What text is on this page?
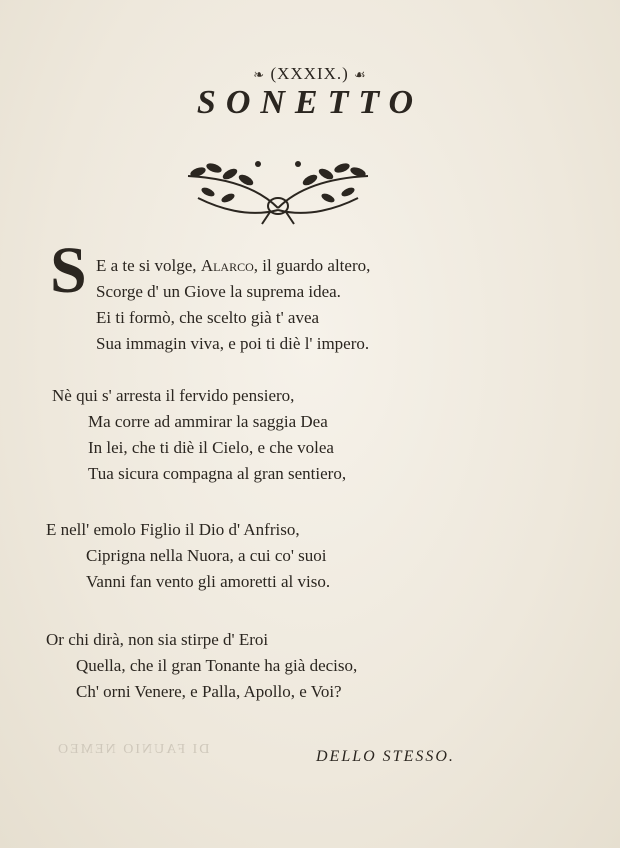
❧ (XXXIX.) ☙
SONETTO
S E a te si volge, Alarco, il guardo altero,
Scorge d' un Giove la suprema idea.
Ei ti formò, che scelto già t' avea
Sua immagin viva, e poi ti diè l' impero.
Nè qui s' arresta il fervido pensiero,
Ma corre ad ammirar la saggia Dea
In lei, che ti diè il Cielo, e che volea
Tua sicura compagna al gran sentiero,
E nell' emolo Figlio il Dio d' Anfriso,
Ciprigna nella Nuora, a cui co' suoi
Vanni fan vento gli amoretti al viso.
Or chi dirà, non sia stirpe d' Eroi
Quella, che il gran Tonante ha già deciso,
Ch' orni Venere, e Palla, Apollo, e Voi?
DI FAUNIO NEMEO	DELLO STESSO.
